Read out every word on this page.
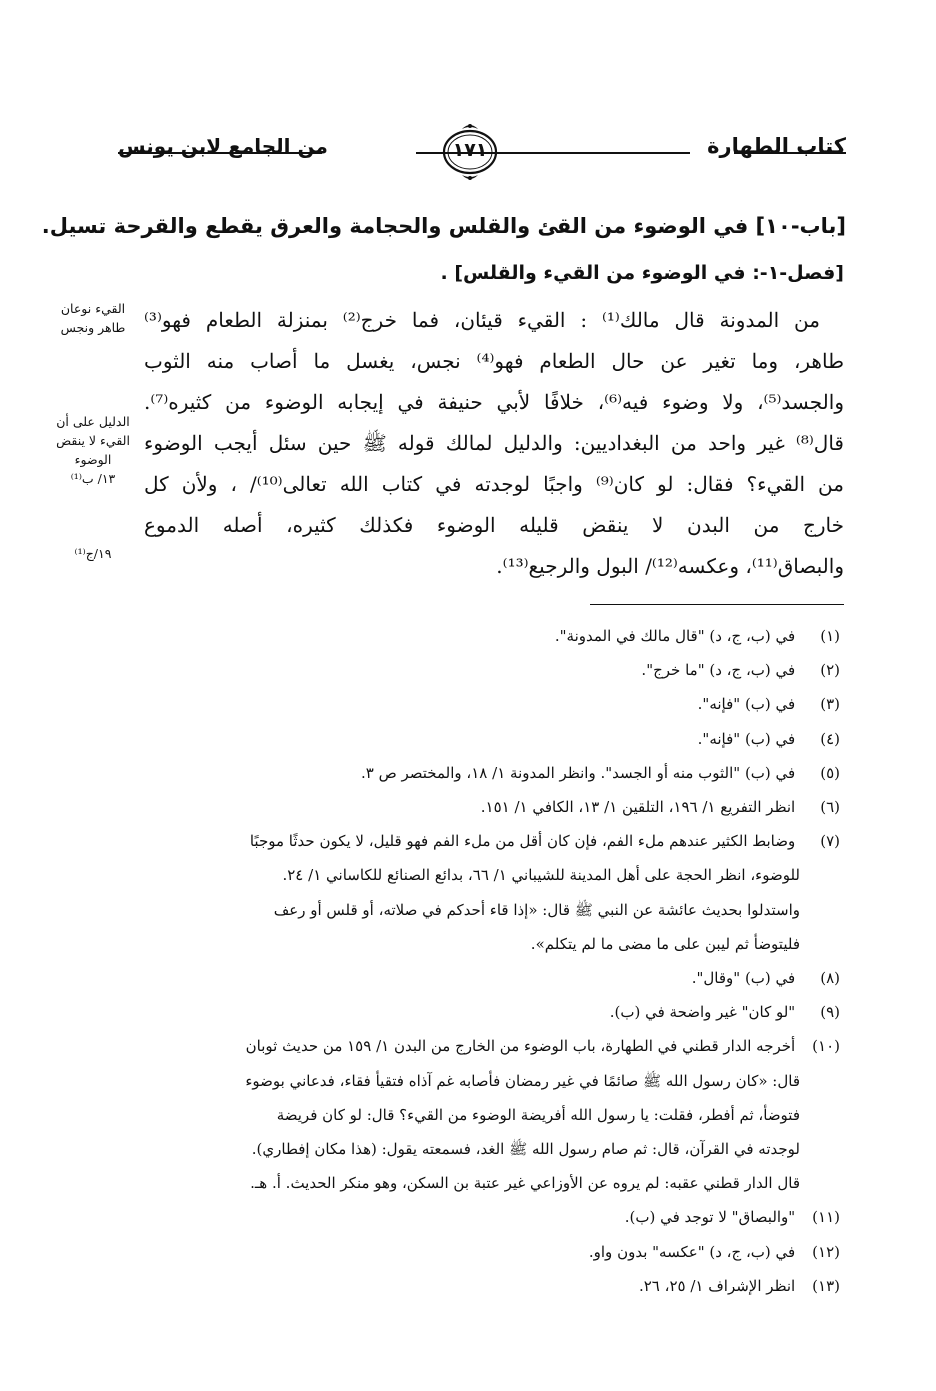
كتاب الطهارة
من الجامع لابن يونس	١٧١
[باب-١٠] في الوضوء من القئ والقلس والحجامة والعرق يقطع والقرحة تسيل.
[فصل-١-: في الوضوء من القيء والقلس] .

من المدونة قال مالك⁽¹⁾ : القيء قيئان، فما خرج⁽²⁾ بمنزلة الطعام فهو⁽³⁾

طاهر، وما تغير عن حال الطعام فهو⁽⁴⁾ نجس، يغسل ما أصاب منه الثوب

والجسد⁽⁵⁾، ولا وضوء فيه⁽⁶⁾، خلافًا لأبي حنيفة في إيجابه الوضوء من كثيره⁽⁷⁾.

قال⁽⁸⁾ غير واحد من البغداديين: والدليل لمالك قوله ﷺ حين سئل أيجب الوضوء

من القيء؟ فقال: لو كان⁽⁹⁾ واجبًا لوجدته في كتاب الله تعالى⁽¹⁰⁾/ ، ولأن كل

خارج من البدن لا ينقض قليله الوضوء فكذلك كثيره، أصله الدموع

والبصاق⁽¹¹⁾، وعكسه⁽¹²⁾/ البول والرجيع⁽¹³⁾.

القيء نوعان
طاهر ونجس
الدليل على أن
القيء لا ينقض
الوضوء
١٣/ ب⁽¹⁾
١٩/ج⁽¹⁾

(١) في (ب، ج، د) "قال مالك في المدونة".

(٢) في (ب، ج، د) "ما خرج".

(٣) في (ب) "فإنه".

(٤) في (ب) "فإنه".

(٥) في (ب) "الثوب منه أو الجسد". وانظر المدونة ١/ ١٨، والمختصر ص ٣.

(٦) انظر التفريع ١/ ١٩٦، التلقين ١/ ١٣، الكافي ١/ ١٥١.

(٧) وضابط الكثير عندهم ملء الفم، فإن كان أقل من ملء الفم فهو قليل، لا يكون حدثًا موجبًا

للوضوء، انظر الحجة على أهل المدينة للشيباني ١/ ٦٦، بدائع الصنائع للكاساني ١/ ٢٤.

واستدلوا بحديث عائشة عن النبي ﷺ قال: «إذا قاء أحدكم في صلاته، أو قلس أو رعف

فليتوضأ ثم ليبن على ما مضى ما لم يتكلم».

(٨) في (ب) "وقال".

(٩) "لو كان" غير واضحة في (ب).

(١٠) أخرجه الدار قطني في الطهارة، باب الوضوء من الخارج من البدن ١/ ١٥٩ من حديث ثوبان

قال: «كان رسول الله ﷺ صائمًا في غير رمضان فأصابه غم آذاه فتقيأ فقاء، فدعاني بوضوء

فتوضأ، ثم أفطر، فقلت: يا رسول الله أفريضة الوضوء من القيء؟ قال: لو كان فريضة

لوجدته في القرآن، قال: ثم صام رسول الله ﷺ الغد، فسمعته يقول: (هذا مكان إفطاري).

قال الدار قطني عقبه: لم يروه عن الأوزاعي غير عتبة بن السكن، وهو منكر الحديث. أ. هـ.

(١١) "والبصاق" لا توجد في (ب).

(١٢) في (ب، ج، د) "عكسه" بدون واو.

(١٣) انظر الإشراف ١/ ٢٥، ٢٦.
